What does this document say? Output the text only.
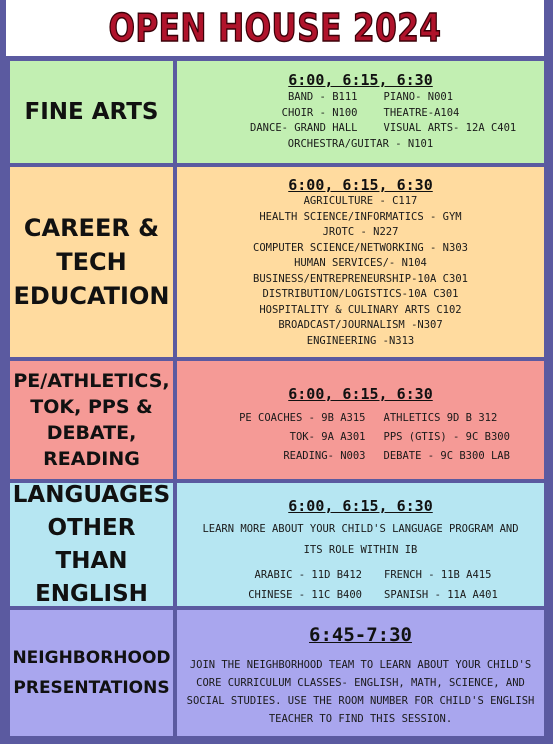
OPEN HOUSE 2024
FINE ARTS
6:00, 6:15, 6:30
BAND - B111	PIANO- N001
CHOIR - N100	THEATRE-A104
DANCE- GRAND HALL	VISUAL ARTS- 12A C401
ORCHESTRA/GUITAR - N101
CAREER &
TECH
EDUCATION
6:00, 6:15, 6:30
AGRICULTURE - C117
HEALTH SCIENCE/INFORMATICS - GYM
JROTC - N227
COMPUTER SCIENCE/NETWORKING - N303
HUMAN SERVICES/- N104
BUSINESS/ENTREPRENEURSHIP-10A C301
DISTRIBUTION/LOGISTICS-10A C301
HOSPITALITY & CULINARY ARTS C102
BROADCAST/JOURNALISM -N307
ENGINEERING -N313
PE/ATHLETICS,
TOK, PPS &
DEBATE,
READING
6:00, 6:15, 6:30
PE COACHES - 9B A315	ATHLETICS 9D B 312
TOK- 9A A301	PPS (GTIS) - 9C B300
READING- N003	DEBATE - 9C B300 LAB
LANGUAGES
OTHER THAN
ENGLISH
6:00, 6:15, 6:30
LEARN MORE ABOUT YOUR CHILD'S LANGUAGE PROGRAM AND ITS ROLE WITHIN IB
ARABIC - 11D B412	FRENCH - 11B A415
CHINESE - 11C B400	SPANISH - 11A A401
NEIGHBORHOOD
PRESENTATIONS
6:45-7:30
JOIN THE NEIGHBORHOOD TEAM TO LEARN ABOUT YOUR CHILD'S CORE CURRICULUM CLASSES- ENGLISH, MATH, SCIENCE, AND SOCIAL STUDIES. USE THE ROOM NUMBER FOR CHILD'S ENGLISH TEACHER TO FIND THIS SESSION.
